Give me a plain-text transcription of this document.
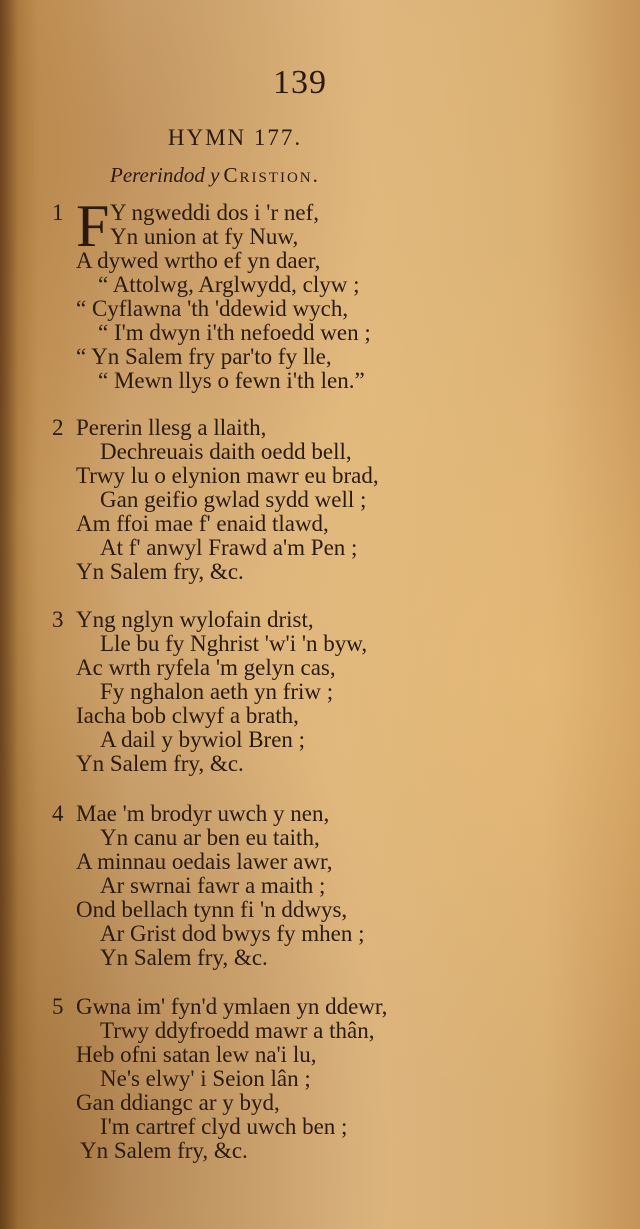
139
HYMN 177.
Pererindod y Cristion.
1 F Y ngweddi dos i 'r nef,
Yn union at fy Nuw,
A dywed wrtho ef yn daer,
“ Attolwg, Arglwydd, clyw ;
“ Cyflawna 'th 'ddewid wych,
“ I'm dwyn i'th nefoedd wen ;
“ Yn Salem fry par'to fy lle,
“ Mewn llys o fewn i'th len.”
2 Pererin llesg a llaith,
Dechreuais daith oedd bell,
Trwy lu o elynion mawr eu brad,
Gan geifio gwlad sydd well ;
Am ffoi mae f' enaid tlawd,
At f' anwyl Frawd a'm Pen ;
Yn Salem fry, &c.
3 Yng nglyn wylofain drist,
Lle bu fy Nghrist 'w'i 'n byw,
Ac wrth ryfela 'm gelyn cas,
Fy nghalon aeth yn friw ;
Iacha bob clwyf a brath,
A dail y bywiol Bren ;
Yn Salem fry, &c.
4 Mae 'm brodyr uwch y nen,
Yn canu ar ben eu taith,
A minnau oedais lawer awr,
Ar swrnai fawr a maith ;
Ond bellach tynn fi 'n ddwys,
Ar Grist dod bwys fy mhen ;
Yn Salem fry, &c.
5 Gwna im' fyn'd ymlaen yn ddewr,
Trwy ddyfroedd mawr a thân,
Heb ofni satan lew na'i lu,
Ne's elwy' i Seion lân ;
Gan ddiangc ar y byd,
I'm cartref clyd uwch ben ;
Yn Salem fry, &c.
